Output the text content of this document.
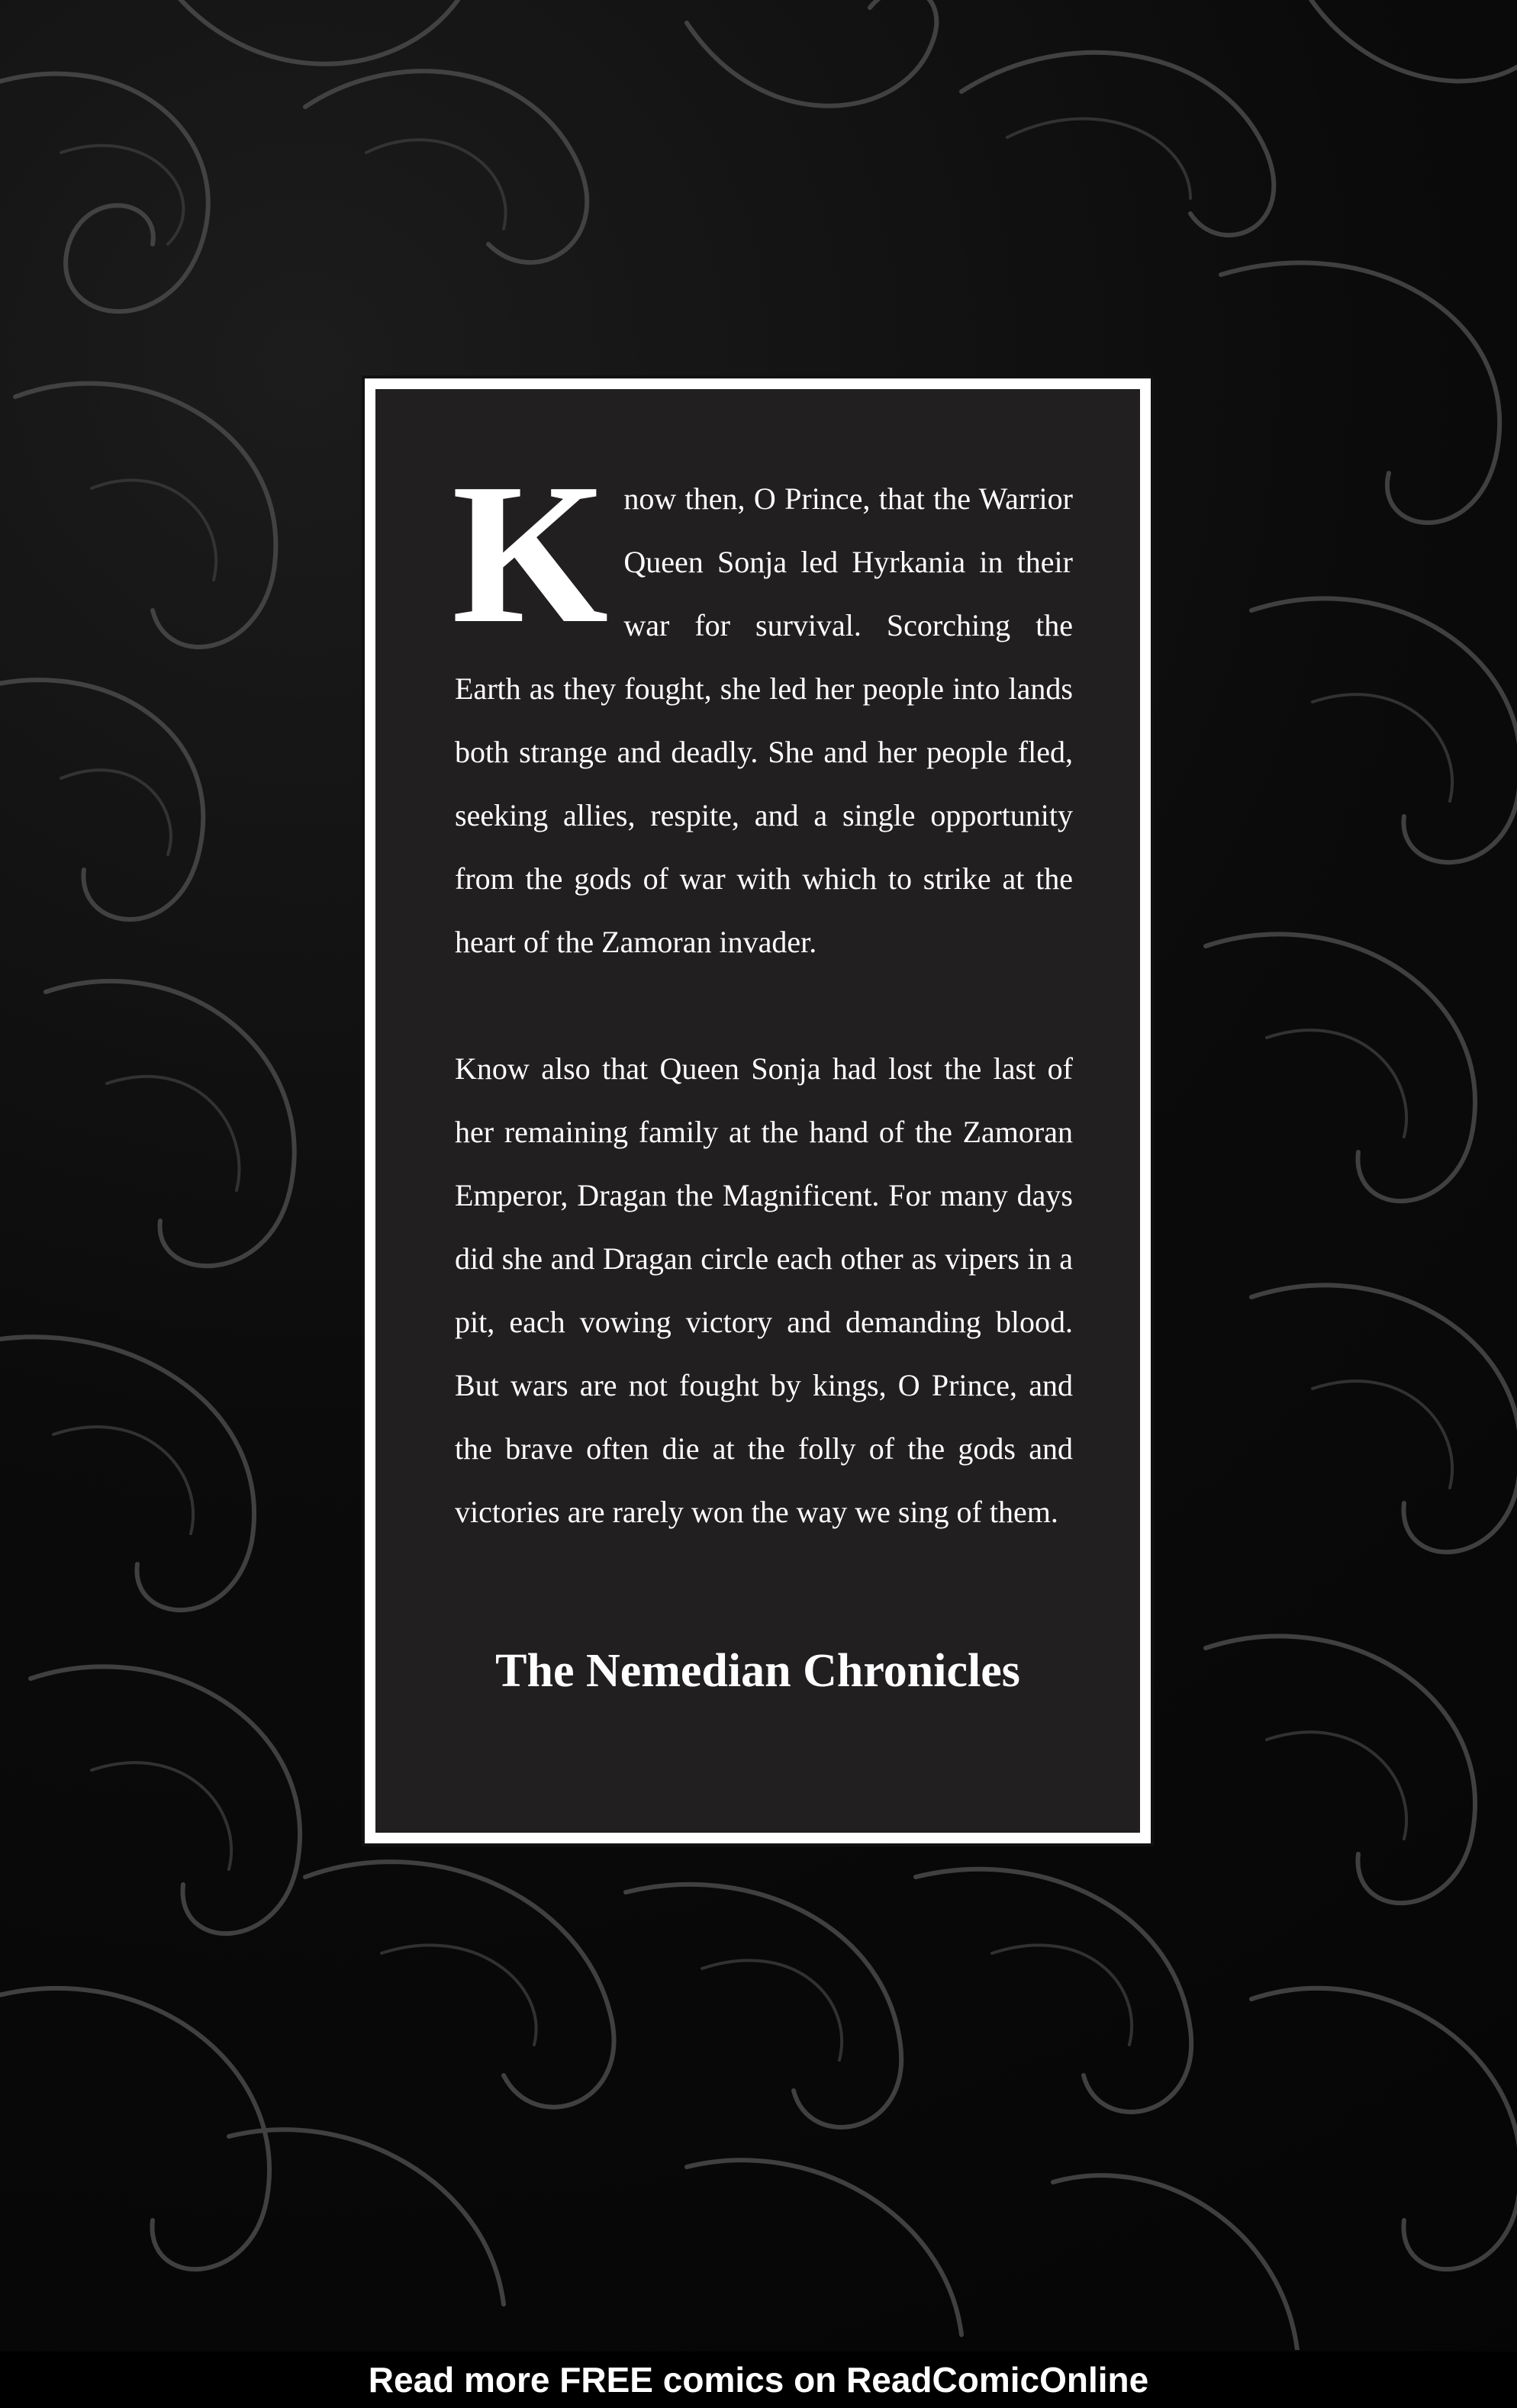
Know then, O Prince, that the Warrior Queen Sonja led Hyrkania in their war for survival. Scorching the Earth as they fought, she led her people into lands both strange and deadly. She and her people fled, seeking allies, respite, and a single opportunity from the gods of war with which to strike at the heart of the Zamoran invader.

Know also that Queen Sonja had lost the last of her remaining family at the hand of the Zamoran Emperor, Dragan the Magnificent. For many days did she and Dragan circle each other as vipers in a pit, each vowing victory and demanding blood. But wars are not fought by kings, O Prince, and the brave often die at the folly of the gods and victories are rarely won the way we sing of them.

The Nemedian Chronicles
Read more FREE comics on ReadComicOnline
